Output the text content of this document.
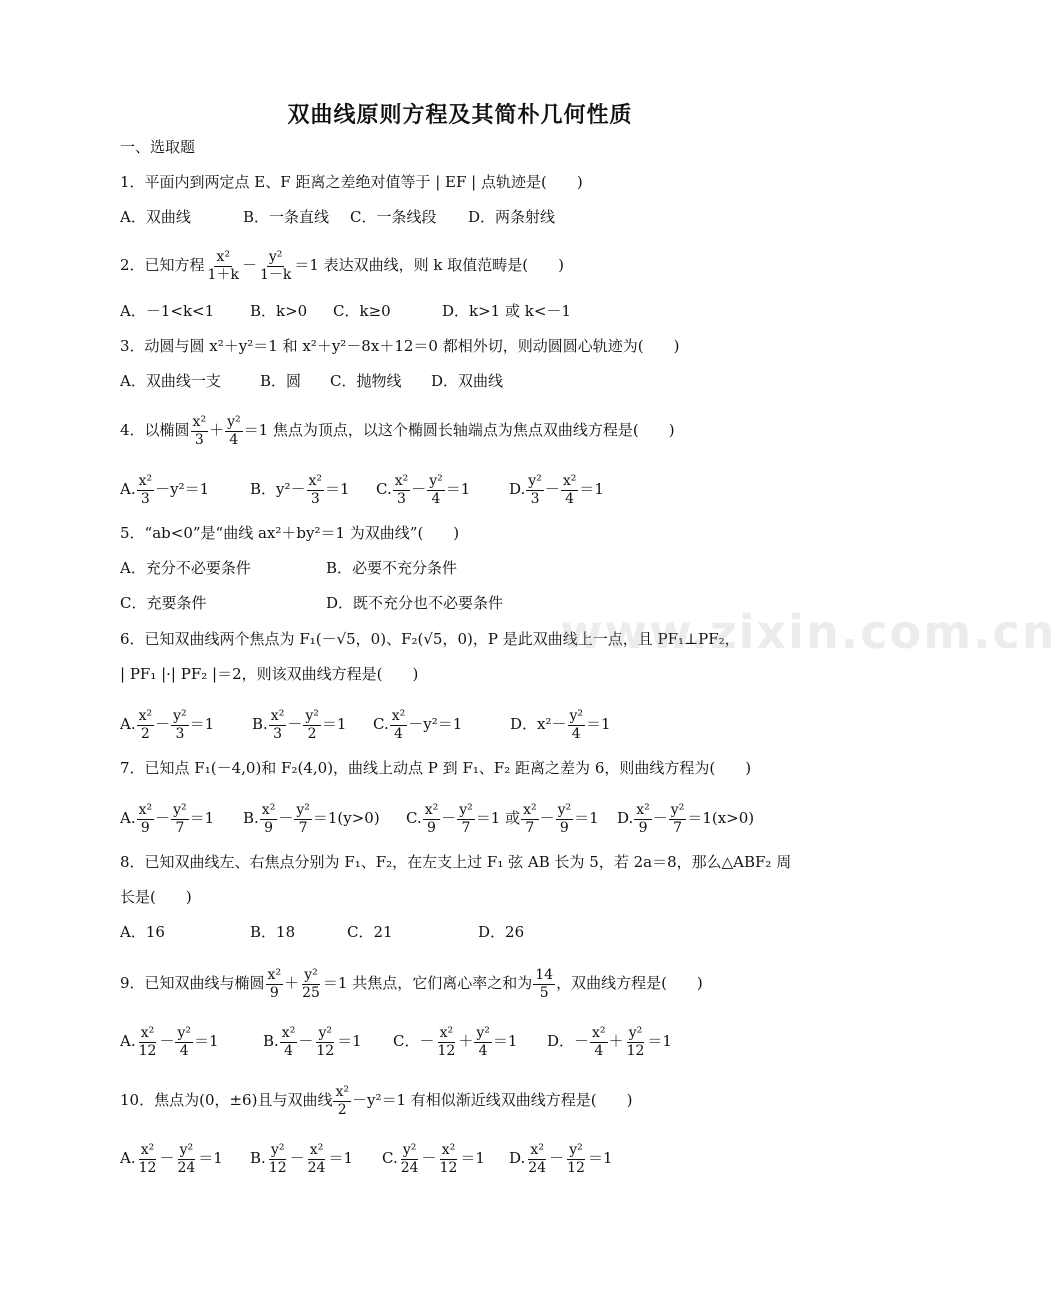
双曲线原则方程及其简朴几何性质
一、选取题
1．平面内到两定点 E、F 距离之差绝对值等于 | EF | 点轨迹是(　　)
A．双曲线	B．一条直线 C．一条线段 D．两条射线
2．已知方程 $\frac{\text{x²}}{1+k} - \frac{\text{y²}}{1-k} =1$ 表达双曲线，则 k 取值范畴是(　　)
A．－1<k<1 B．k>0 C．k≥0	D．k>1 或 k<－1
3．动圆与圆 x²＋y²＝1 和 x²＋y²－8x＋12＝0 都相外切，则动圆圆心轨迹为(　　)
A．双曲线一支	B．圆 C．抛物线 D．双曲线
4．以椭圆 $\frac{\text{x²}}{3} + \frac{\text{y²}}{4} =1$ 焦点为顶点，以这个椭圆长轴端点为焦点双曲线方程是(　　)
A. $\frac{\text{x²}}{3} -y^2=1$	B．$y^2- \frac{\text{x²}}{3} =1$ C. $\frac{\text{x²}}{3} - \frac{\text{y²}}{4} =1$	D. $\frac{\text{y²}}{3} - \frac{\text{x²}}{4} =1$
5．“ab<0”是“曲线 ax²＋by²＝1 为双曲线”(　　)
A．充分不必要条件	B．必要不充分条件
C．充要条件	D．既不充分也不必要条件
6．已知双曲线两个焦点为 F₁(－√5，0)、F₂(√5，0)，P 是此双曲线上一点，且 PF₁⊥PF₂，
| PF₁ |·| PF₂ |＝2，则该双曲线方程是(　　)
A. $\frac{\text{x²}}{2} - \frac{\text{y²}}{3} =1$	B. $\frac{\text{x²}}{3} - \frac{\text{y²}}{2} =1$ C. $\frac{\text{x²}}{4} -y^2=1$	D．$x^2- \frac{\text{y²}}{4} =1$
7．已知点 F₁(－4,0)和 F₂(4,0)，曲线上动点 P 到 F₁、F₂ 距离之差为 6，则曲线方程为(　　)
A. $\frac{\text{x²}}{9} - \frac{\text{y²}}{7} =1$ B. $\frac{\text{x²}}{9} - \frac{\text{y²}}{7} =1(y>0)$ C. $\frac{\text{x²}}{9} - \frac{\text{y²}}{7} =1$ 或 $\frac{\text{x²}}{7} - \frac{\text{y²}}{9} =1$ D. $\frac{\text{x²}}{9} - \frac{\text{y²}}{7} =1(x>0)$
8．已知双曲线左、右焦点分别为 F₁、F₂，在左支上过 F₁ 弦 AB 长为 5，若 2a＝8，那么△ABF₂ 周
长是(　　)
A．16	B．18	C．21	D．26
9．已知双曲线与椭圆 $\frac{\text{x²}}{9} + \frac{\text{y²}}{25} =1$ 共焦点，它们离心率之和为 $\frac{14}{5}$ ，双曲线方程是(　　)
A. $\frac{\text{x²}}{12} - \frac{\text{y²}}{4} =1$	B. $\frac{\text{x²}}{4} - \frac{\text{y²}}{12} =1$ C．－ $\frac{\text{x²}}{12} + \frac{\text{y²}}{4} =1$ D．－ $\frac{\text{x²}}{4} + \frac{\text{y²}}{12} =1$
10．焦点为(0，±6)且与双曲线 $\frac{\text{x²}}{2} -y^2=1$ 有相似渐近线双曲线方程是(　　)
A. $\frac{\text{x²}}{12} - \frac{\text{y²}}{24} =1$ B. $\frac{\text{y²}}{12} - \frac{\text{x²}}{24} =1$ C. $\frac{\text{y²}}{24} - \frac{\text{x²}}{12} =1$ D. $\frac{\text{x²}}{24} - \frac{\text{y²}}{12} =1$
www.zixin.com.cn
